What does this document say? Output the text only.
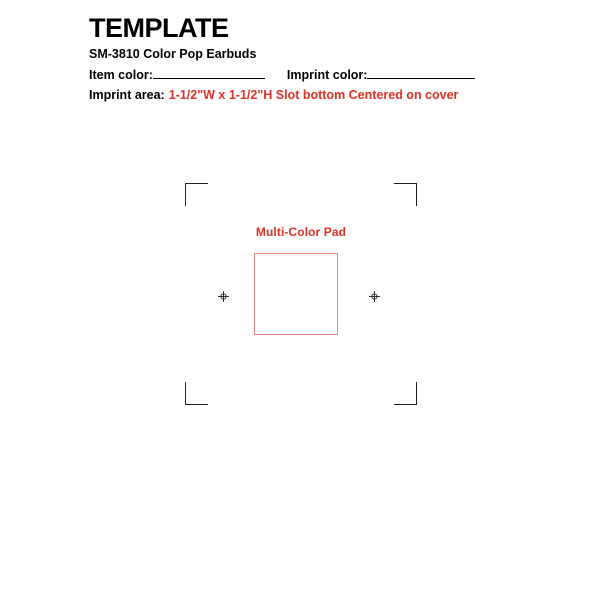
TEMPLATE
SM-3810 Color Pop Earbuds
Item color:	Imprint color:
Imprint area: 1-1/2"W x 1-1/2"H Slot bottom Centered on cover
Multi-Color Pad
